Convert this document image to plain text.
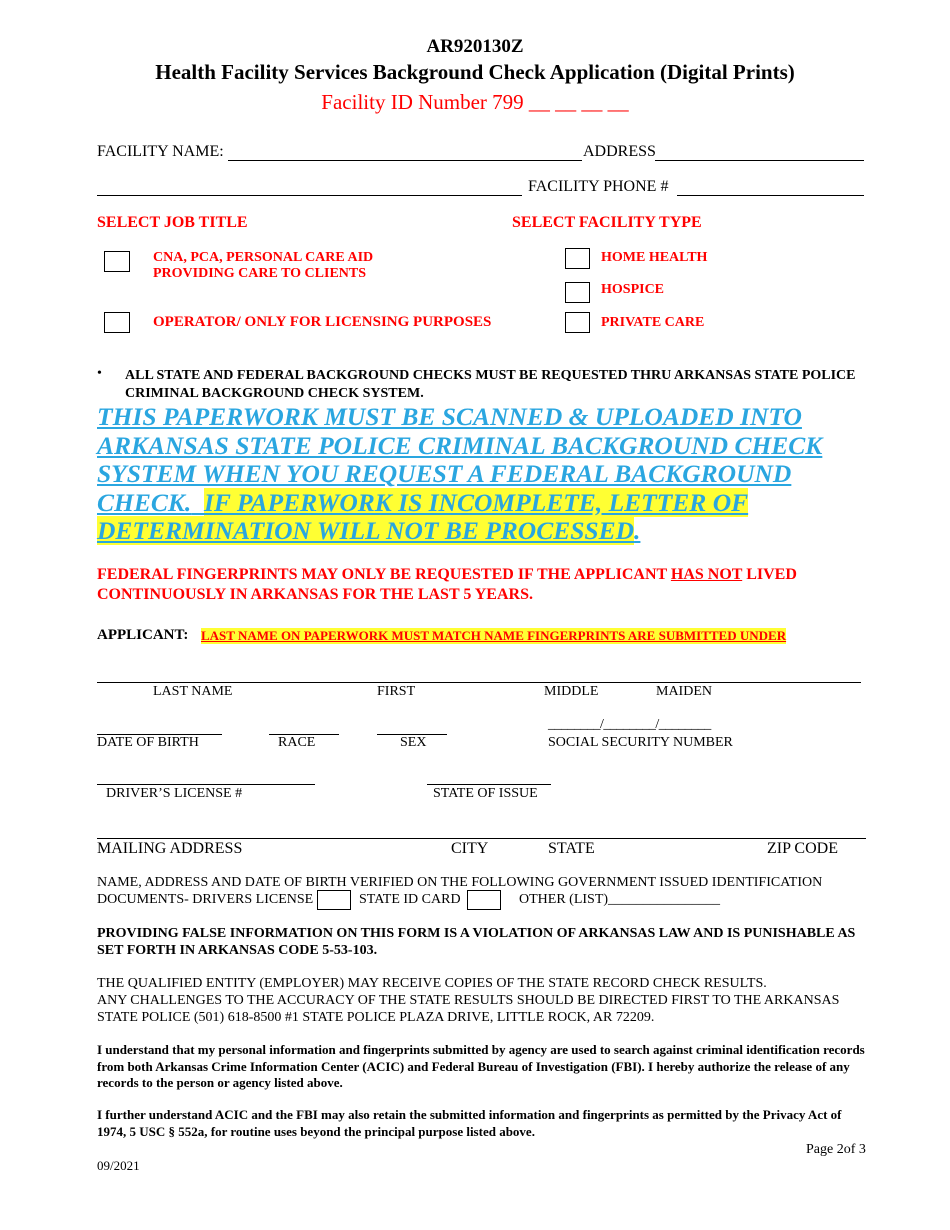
AR920130Z
Health Facility Services Background Check Application (Digital Prints)
Facility ID Number 799 __ __ __ __
FACILITY NAME:	ADDRESS
FACILITY PHONE #
SELECT JOB TITLE
CNA, PCA, PERSONAL CARE AID
PROVIDING CARE TO CLIENTS
OPERATOR/ ONLY FOR LICENSING PURPOSES
SELECT FACILITY TYPE
HOME HEALTH
HOSPICE
PRIVATE CARE
• ALL STATE AND FEDERAL BACKGROUND CHECKS MUST BE REQUESTED THRU ARKANSAS STATE POLICE CRIMINAL BACKGROUND CHECK SYSTEM.
THIS PAPERWORK MUST BE SCANNED & UPLOADED INTO ARKANSAS STATE POLICE CRIMINAL BACKGROUND CHECK SYSTEM WHEN YOU REQUEST A FEDERAL BACKGROUND CHECK. IF PAPERWORK IS INCOMPLETE, LETTER OF DETERMINATION WILL NOT BE PROCESSED.
FEDERAL FINGERPRINTS MAY ONLY BE REQUESTED IF THE APPLICANT HAS NOT LIVED CONTINUOUSLY IN ARKANSAS FOR THE LAST 5 YEARS.
APPLICANT: LAST NAME ON PAPERWORK MUST MATCH NAME FINGERPRINTS ARE SUBMITTED UNDER
LAST NAME	FIRST	MIDDLE	MAIDEN
DATE OF BIRTH	RACE	SEX
________/________/________
SOCIAL SECURITY NUMBER
DRIVER’S LICENSE #	STATE OF ISSUE
MAILING ADDRESS	CITY	STATE	ZIP CODE
NAME, ADDRESS AND DATE OF BIRTH VERIFIED ON THE FOLLOWING GOVERNMENT ISSUED IDENTIFICATION
DOCUMENTS- DRIVERS LICENSE	STATE ID CARD	OTHER (LIST)________________
PROVIDING FALSE INFORMATION ON THIS FORM IS A VIOLATION OF ARKANSAS LAW AND IS PUNISHABLE AS SET FORTH IN ARKANSAS CODE 5-53-103.
THE QUALIFIED ENTITY (EMPLOYER) MAY RECEIVE COPIES OF THE STATE RECORD CHECK RESULTS.
ANY CHALLENGES TO THE ACCURACY OF THE STATE RESULTS SHOULD BE DIRECTED FIRST TO THE ARKANSAS STATE POLICE (501) 618-8500 #1 STATE POLICE PLAZA DRIVE, LITTLE ROCK, AR 72209.
I understand that my personal information and fingerprints submitted by agency are used to search against criminal identification records from both Arkansas Crime Information Center (ACIC) and Federal Bureau of Investigation (FBI). I hereby authorize the release of any records to the person or agency listed above.
I further understand ACIC and the FBI may also retain the submitted information and fingerprints as permitted by the Privacy Act of 1974, 5 USC § 552a, for routine uses beyond the principal purpose listed above.
Page 2of 3
09/2021
